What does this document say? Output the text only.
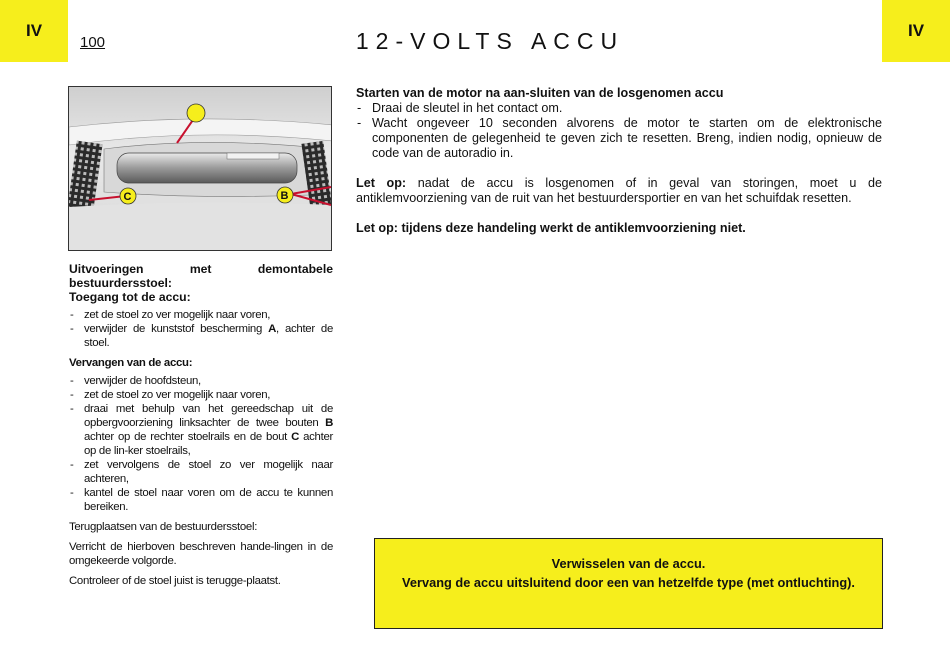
IV	IV
100	12-VOLTS ACCU
A
C	B
Uitvoeringen met demontabele
bestuurdersstoel:
Toegang tot de accu:
- zet de stoel zo ver mogelijk naar voren,
- verwijder de kunststof bescherming A, achter de stoel.

Vervangen van de accu:

- verwijder de hoofdsteun,
- zet de stoel zo ver mogelijk naar voren,
- draai met behulp van het gereedschap uit de opbergvoorziening linksachter de twee bouten B achter op de rechter stoelrails en de bout C achter op de lin-ker stoelrails,
- zet vervolgens de stoel zo ver mogelijk naar achteren,
- kantel de stoel naar voren om de accu te kunnen bereiken.

Terugplaatsen van de bestuurdersstoel:

Verricht de hierboven beschreven hande-lingen in de omgekeerde volgorde.

Controleer of de stoel juist is terugge-plaatst.

Starten van de motor na aan-sluiten van de losgenomen accu
- Draai de sleutel in het contact om.
- Wacht ongeveer 10 seconden alvorens de motor te starten om de elektronische componenten de gelegenheid te geven zich te resetten. Breng, indien nodig, opnieuw de code van de autoradio in.

Let op: nadat de accu is losgenomen of in geval van storingen, moet u de antiklemvoorziening van de ruit van het bestuurdersportier en van het schuifdak resetten.

Let op: tijdens deze handeling werkt de antiklemvoorziening niet.

Verwisselen van de accu.
Vervang de accu uitsluitend door een van hetzelfde type (met ontluchting).
